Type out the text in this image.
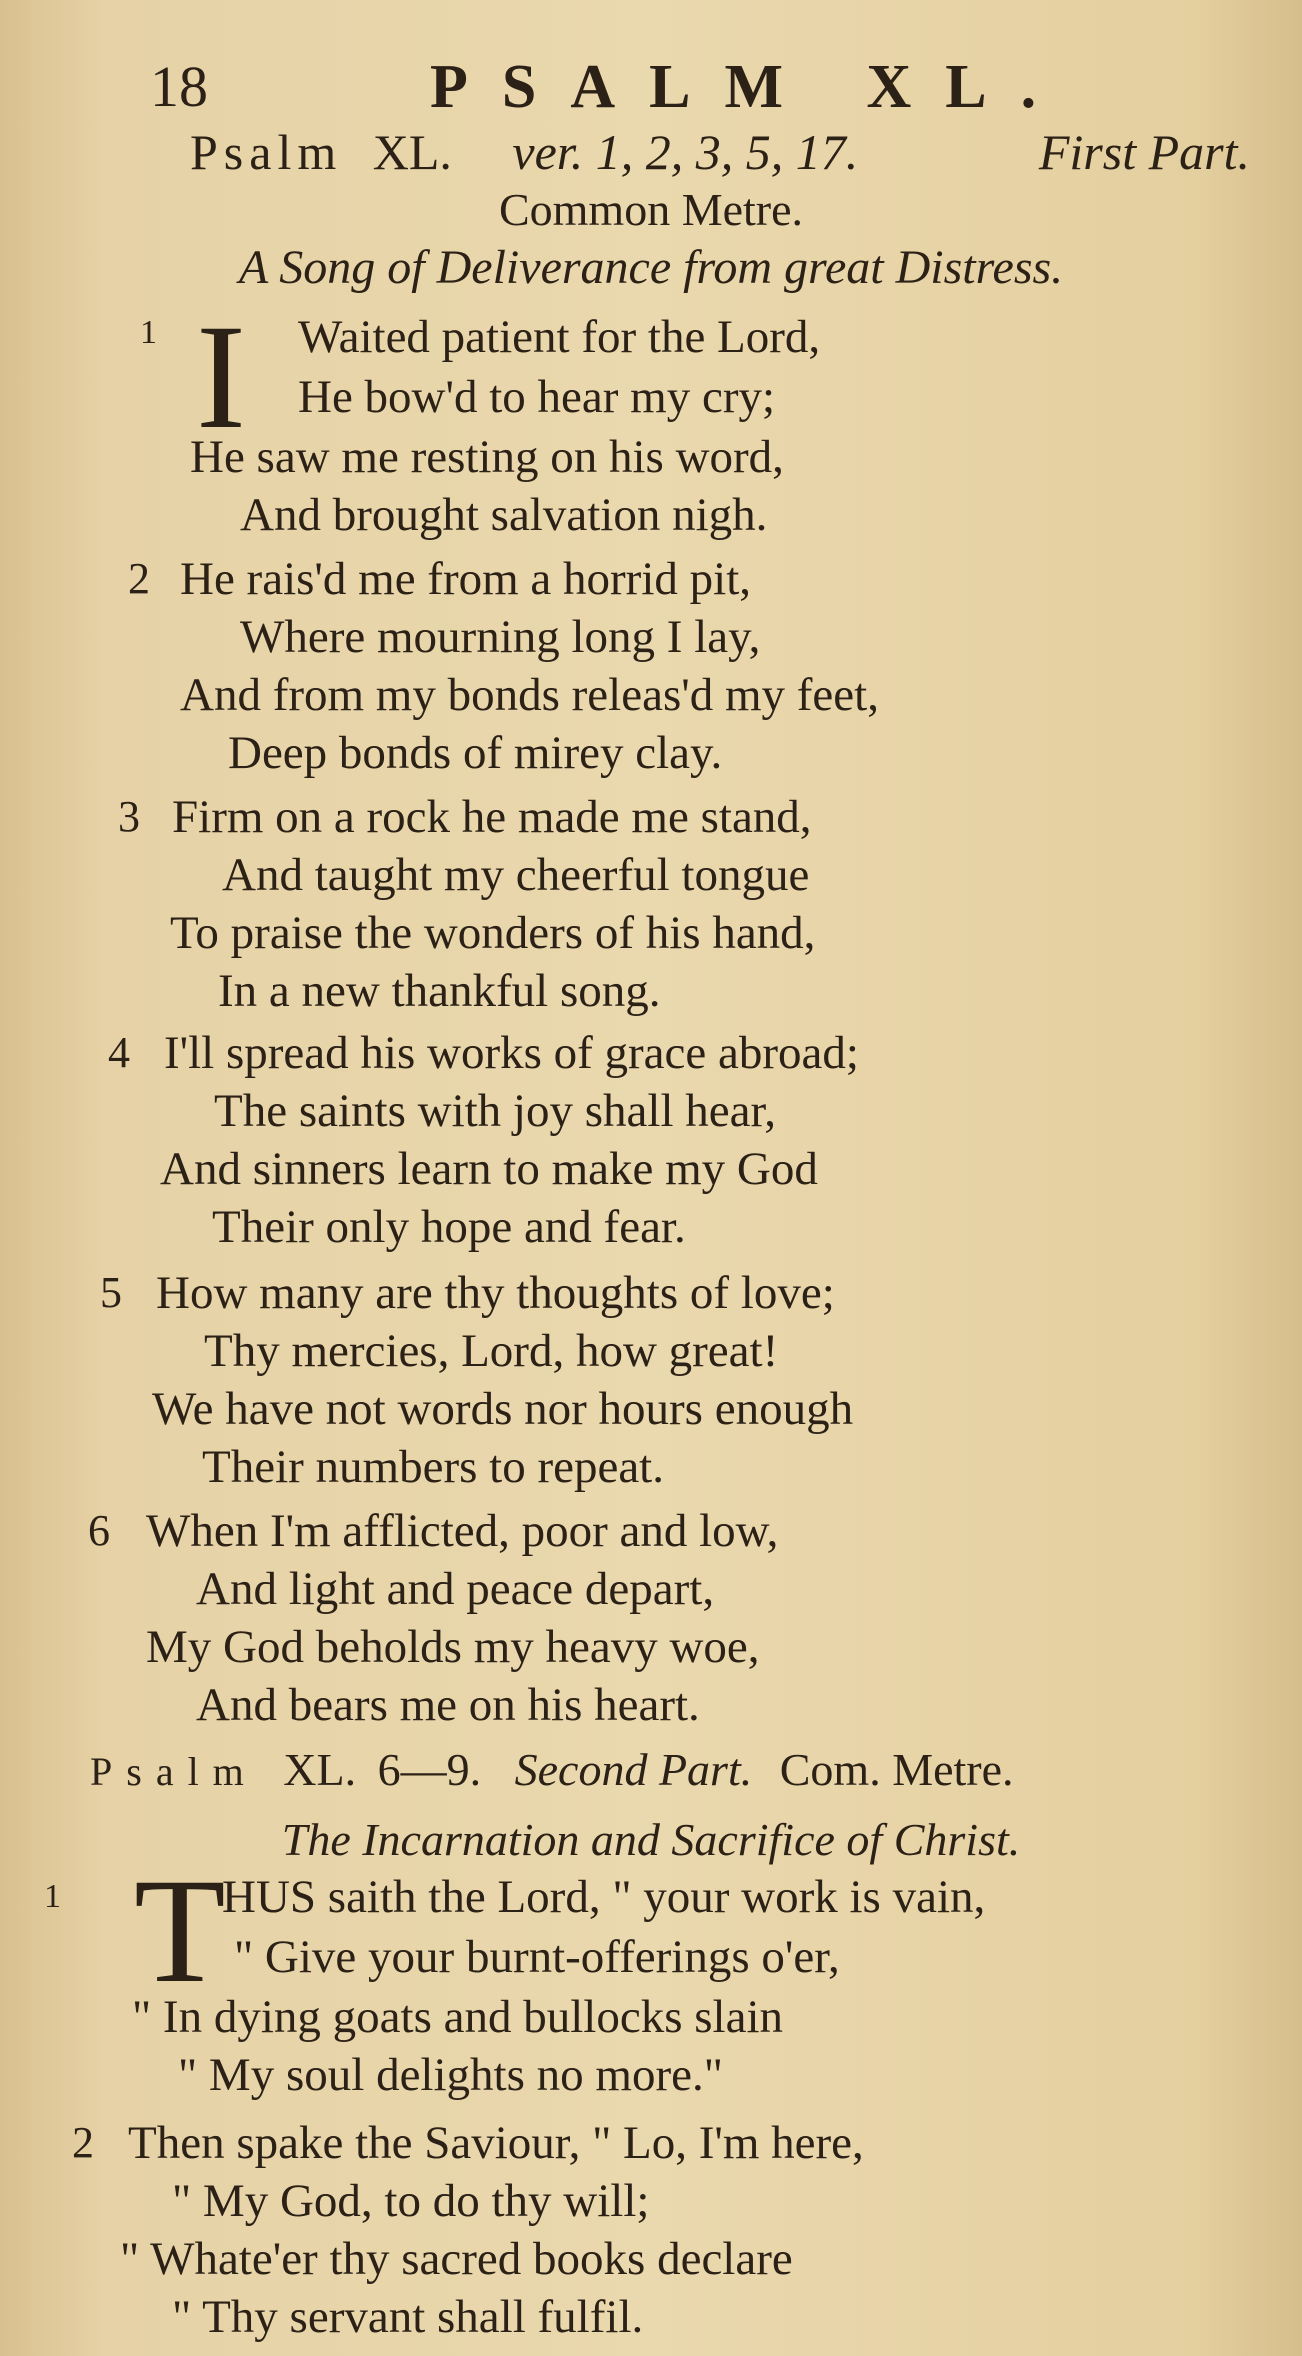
18	PSALM XL.
Psalm XL. ver. 1, 2, 3, 5, 17.	First Part.
Common Metre.
A Song of Deliverance from great Distress.
1 I Waited patient for the Lord,
He bow'd to hear my cry;
He saw me resting on his word,
And brought salvation nigh.
2 He rais'd me from a horrid pit,
Where mourning long I lay,
And from my bonds releas'd my feet,
Deep bonds of mirey clay.
3 Firm on a rock he made me stand,
And taught my cheerful tongue
To praise the wonders of his hand,
In a new thankful song.
4 I'll spread his works of grace abroad;
The saints with joy shall hear,
And sinners learn to make my God
Their only hope and fear.
5 How many are thy thoughts of love;
Thy mercies, Lord, how great!
We have not words nor hours enough
Their numbers to repeat.
6 When I'm afflicted, poor and low,
And light and peace depart,
My God beholds my heavy woe,
And bears me on his heart.
Psalm XL. 6—9. Second Part. Com. Metre.
The Incarnation and Sacrifice of Christ.
1 T
HUS saith the Lord, " your work is vain,
" Give your burnt-offerings o'er,
" In dying goats and bullocks slain
" My soul delights no more."
2 Then spake the Saviour, " Lo, I'm here,
" My God, to do thy will;
" Whate'er thy sacred books declare
" Thy servant shall fulfil.
